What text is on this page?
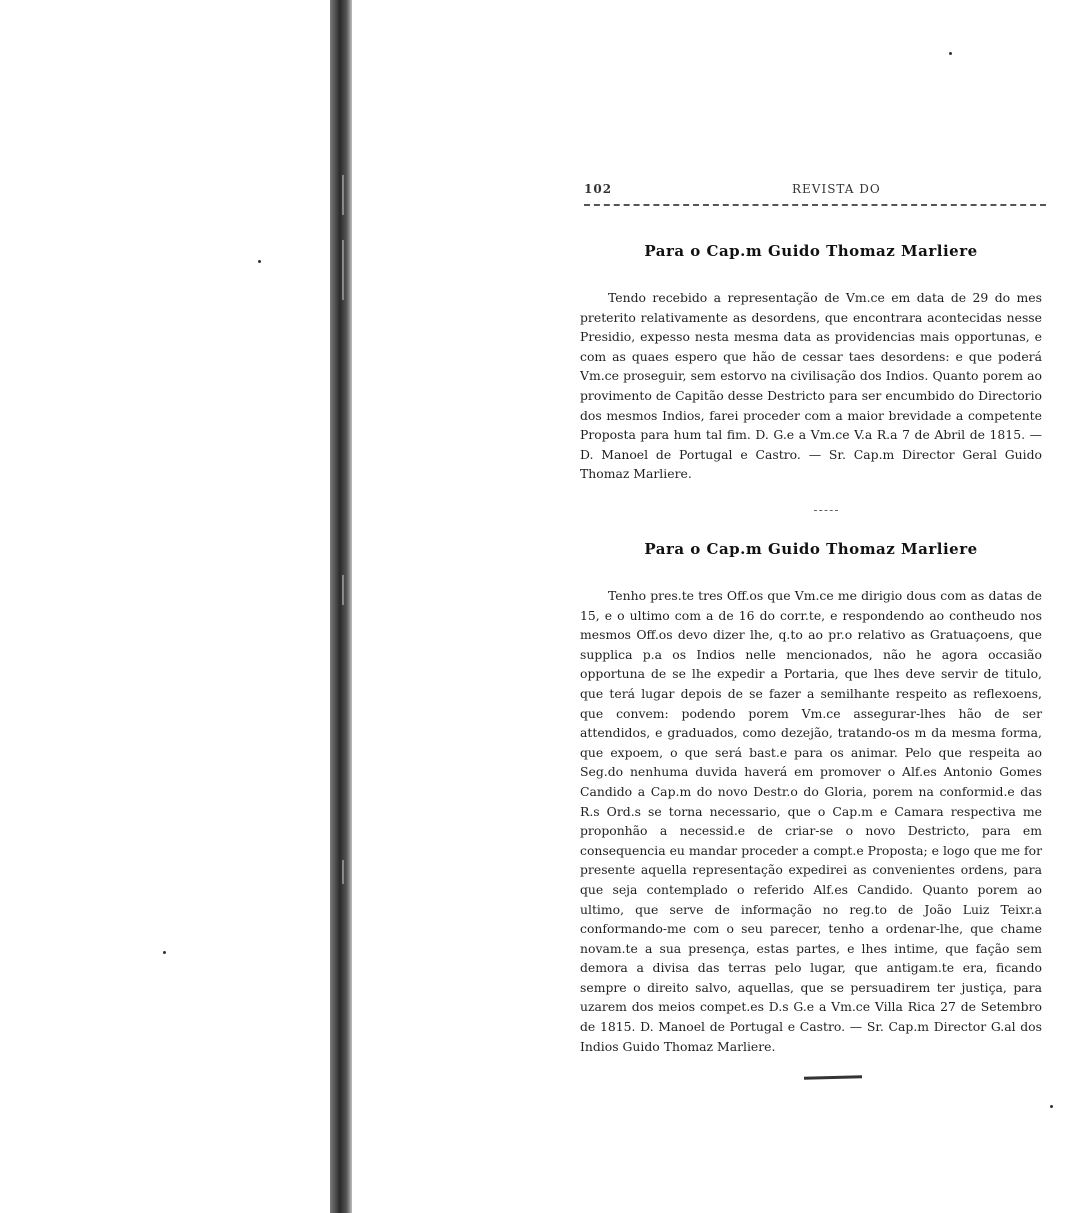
102	REVISTA DO
Para o Cap.m Guido Thomaz Marliere

Tendo recebido a representação de Vm.ce em data de 29 do mes preterito relativamente as desordens, que encontrara acontecidas nesse Presidio, expesso nesta mesma data as providencias mais opportunas, e com as quaes espero que hão de cessar taes desordens: e que poderá Vm.ce proseguir, sem estorvo na civilisação dos Indios. Quanto porem ao provimento de Capitão desse Destricto para ser encumbido do Directorio dos mesmos Indios, farei proceder com a maior brevidade a competente Proposta para hum tal fim. D. G.e a Vm.ce V.a R.a 7 de Abril de 1815. — D. Manoel de Portugal e Castro. — Sr. Cap.m Director Geral Guido Thomaz Marliere.

Para o Cap.m Guido Thomaz Marliere

Tenho pres.te tres Off.os que Vm.ce me dirigio dous com as datas de 15, e o ultimo com a de 16 do corr.te, e respondendo ao contheudo nos mesmos Off.os devo dizer lhe, q.to ao pr.o relativo as Gratuaçoens, que supplica p.a os Indios nelle mencionados, não he agora occasião opportuna de se lhe expedir a Portaria, que lhes deve servir de titulo, que terá lugar depois de se fazer a semilhante respeito as reflexoens, que convem: podendo porem Vm.ce assegurar-lhes hão de ser attendidos, e graduados, como dezejão, tratando-os m da mesma forma, que expoem, o que será bast.e para os animar. Pelo que respeita ao Seg.do nenhuma duvida haverá em promover o Alf.es Antonio Gomes Candido a Cap.m do novo Destr.o do Gloria, porem na conformid.e das R.s Ord.s se torna necessario, que o Cap.m e Camara respectiva me proponhão a necessid.e de criar-se o novo Destricto, para em consequencia eu mandar proceder a compt.e Proposta; e logo que me for presente aquella representação expedirei as convenientes ordens, para que seja contemplado o referido Alf.es Candido. Quanto porem ao ultimo, que serve de informação no reg.to de João Luiz Teixr.a conformando-me com o seu parecer, tenho a ordenar-lhe, que chame novam.te a sua presença, estas partes, e lhes intime, que fação sem demora a divisa das terras pelo lugar, que antigam.te era, ficando sempre o direito salvo, aquellas, que se persuadirem ter justiça, para uzarem dos meios compet.es D.s G.e a Vm.ce Villa Rica 27 de Setembro de 1815. D. Manoel de Portugal e Castro. — Sr. Cap.m Director G.al dos Indios Guido Thomaz Marliere.
